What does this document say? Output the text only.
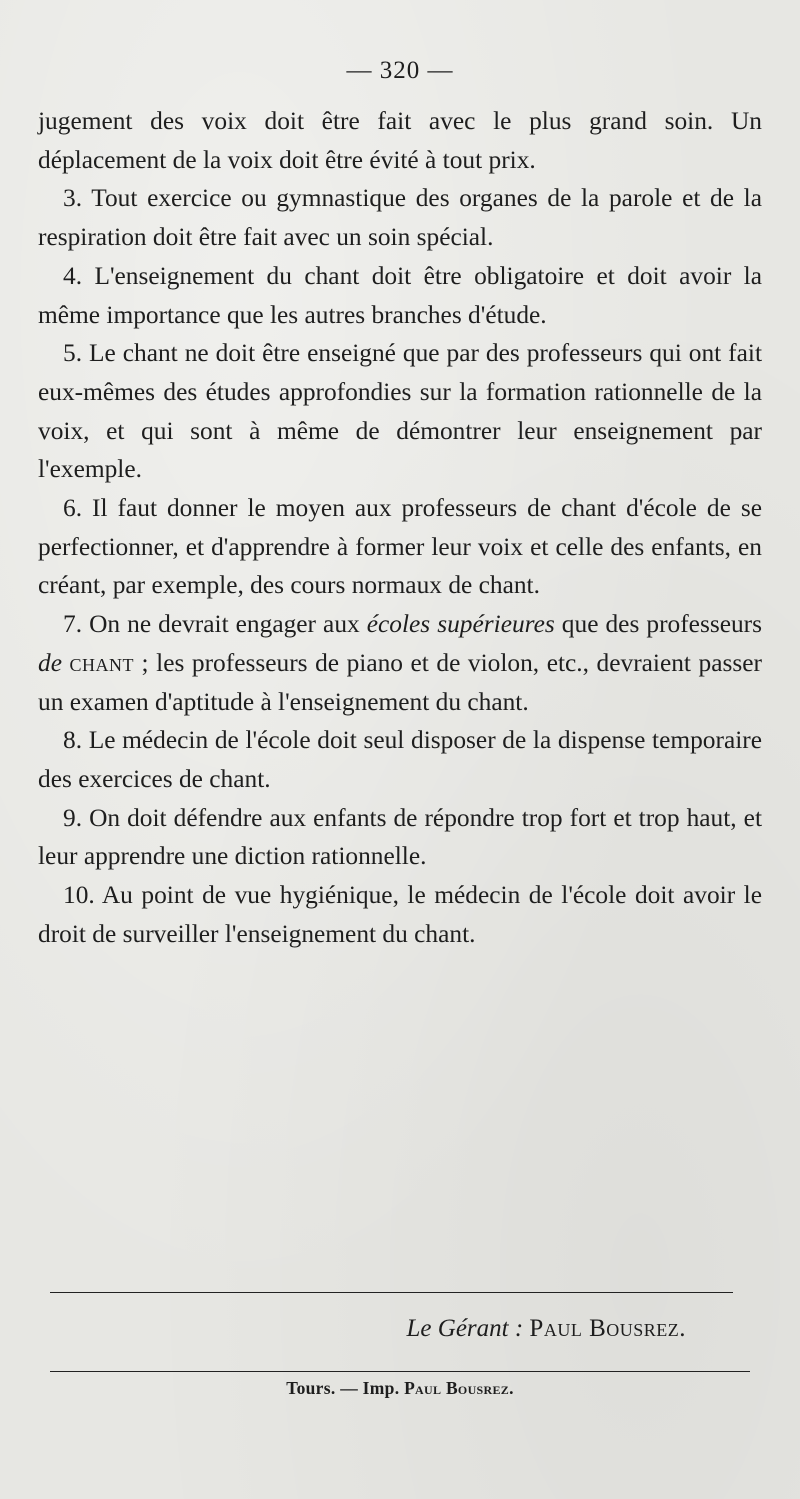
— 320 —

jugement des voix doit être fait avec le plus grand soin. Un déplacement de la voix doit être évité à tout prix.

3. Tout exercice ou gymnastique des organes de la parole et de la respiration doit être fait avec un soin spécial.

4. L'enseignement du chant doit être obligatoire et doit avoir la même importance que les autres branches d'étude.

5. Le chant ne doit être enseigné que par des professeurs qui ont fait eux-mêmes des études approfondies sur la formation rationnelle de la voix, et qui sont à même de démontrer leur enseignement par l'exemple.

6. Il faut donner le moyen aux professeurs de chant d'école de se perfectionner, et d'apprendre à former leur voix et celle des enfants, en créant, par exemple, des cours normaux de chant.

7. On ne devrait engager aux écoles supérieures que des professeurs de chant ; les professeurs de piano et de violon, etc., devraient passer un examen d'aptitude à l'enseignement du chant.

8. Le médecin de l'école doit seul disposer de la dispense temporaire des exercices de chant.

9. On doit défendre aux enfants de répondre trop fort et trop haut, et leur apprendre une diction rationnelle.

10. Au point de vue hygiénique, le médecin de l'école doit avoir le droit de surveiller l'enseignement du chant.

Le Gérant : Paul Bousrez.
Tours. — Imp. Paul Bousrez.
